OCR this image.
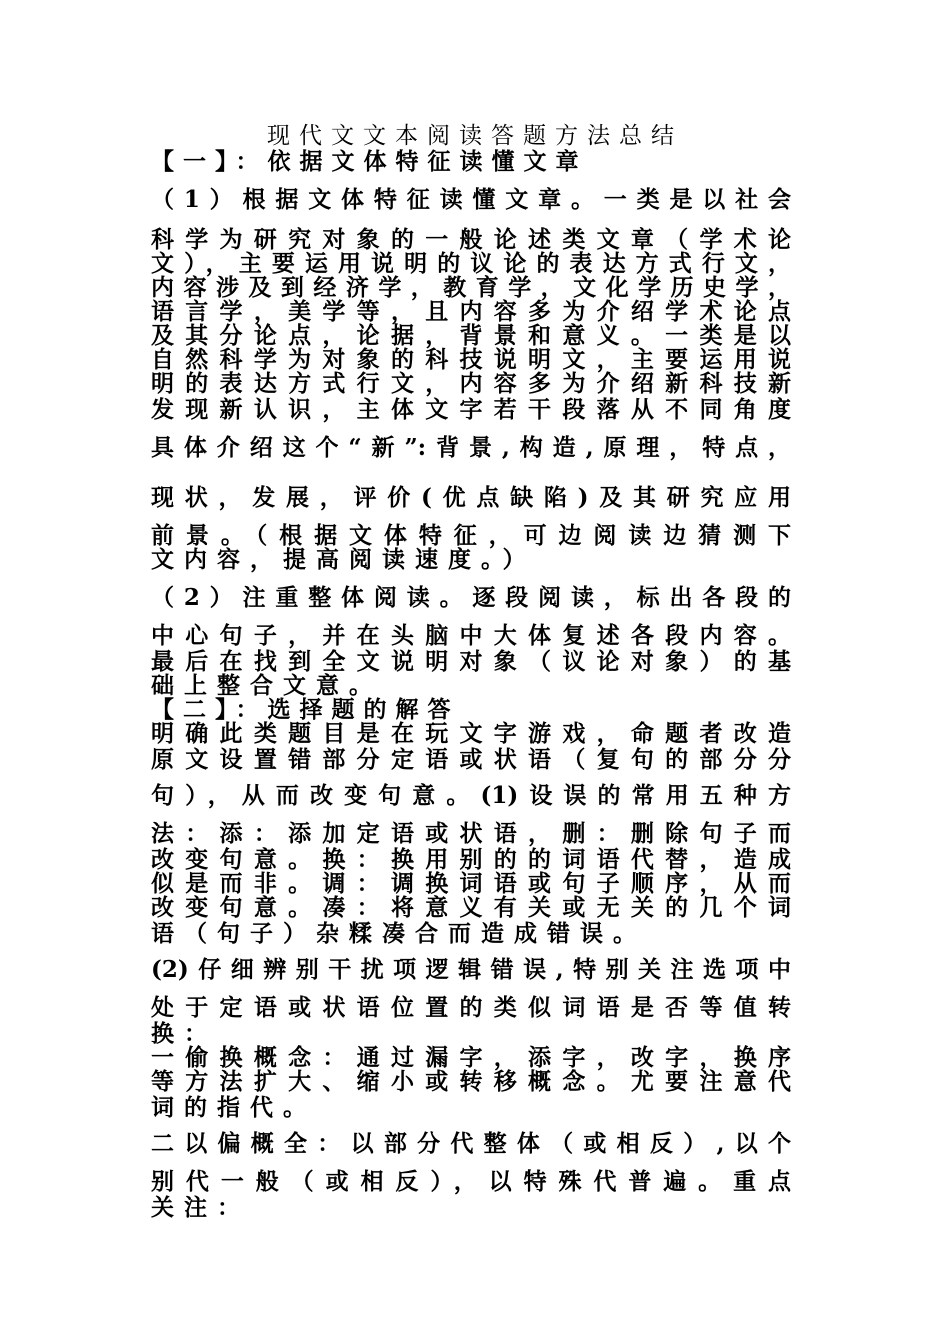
现代文文本阅读答题方法总结
【一】：依据文体特征读懂文章
（1）根据文体特征读懂文章。一类是以社会
科学为研究对象的一般论述类文章（学术论
文），主要运用说明的议论的表达方式行文，
内容涉及到经济学，教育学，文化学历史学，
语言学，美学等，且内容多为介绍学术论点
及其分论点，论据，背景和意义。一类是以
自然科学为对象的科技说明文，主要运用说
明的表达方式行文，内容多为介绍新科技新
发现新认识，主体文字若干段落从不同角度
具体介绍这个“新”:背景,构造,原理，特点，
现状，发展，评价(优点缺陷)及其研究应用
前景。（根据文体特征，可边阅读边猜测下
文内容，提高阅读速度。）
（2）注重整体阅读。逐段阅读，标出各段的
中心句子，并在头脑中大体复述各段内容。
最后在找到全文说明对象（议论对象）的基
础上整合文意。
【二】：选择题的解答
明确此类题目是在玩文字游戏，命题者改造
原文设置错部分定语或状语（复句的部分分
句），从而改变句意。(1)设误的常用五种方
法：添：添加定语或状语，删：删除句子而
改变句意。换：换用别的的词语代替，造成
似是而非。调：调换词语或句子顺序，从而
改变句意。凑：将意义有关或无关的几个词
语（句子）杂糅凑合而造成错误。
(2)仔细辨别干扰项逻辑错误,特别关注选项中
处于定语或状语位置的类似词语是否等值转
换：
一偷换概念：通过漏字，添字，改字，换序
等方法扩大、缩小或转移概念。尤要注意代
词的指代。
二以偏概全：以部分代整体（或相反）,以个
别代一般（或相反），以特殊代普遍。重点
关注：
